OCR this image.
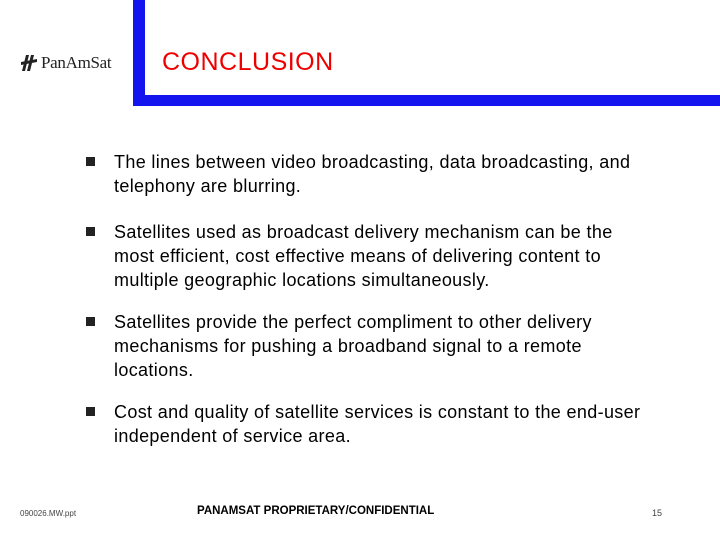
PanAmSat CONCLUSION
The lines between video broadcasting, data broadcasting, and telephony are blurring.
Satellites used as broadcast delivery mechanism can be the most efficient, cost effective means of delivering content to multiple geographic locations simultaneously.
Satellites provide the perfect compliment to other delivery mechanisms for pushing a broadband signal to a remote locations.
Cost and quality of satellite services is constant to the end-user independent of service area.
090026.MW.ppt	PANAMSAT PROPRIETARY/CONFIDENTIAL	15
